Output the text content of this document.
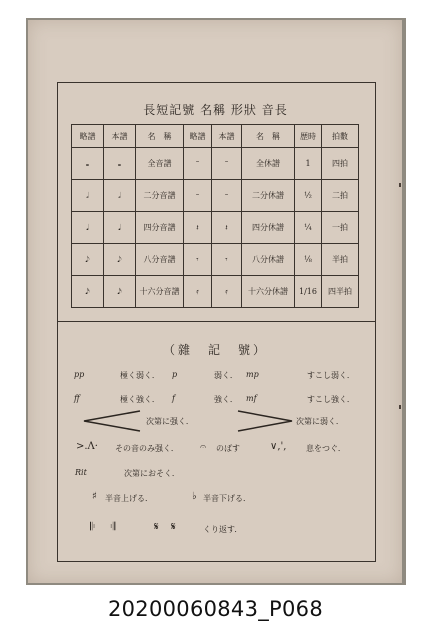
長短記號 名稱 形狀 音長
略譜	本譜	名　稱	略譜	本譜	名　稱	歴時	拍數
𝅝	𝅝	全音譜	𝄻	𝄻	全休譜	1	四拍
𝅗𝅥	𝅗𝅥	二分音譜	𝄼	𝄼	二分休譜	½	二拍
𝅘𝅥	𝅘𝅥	四分音譜	𝄽	𝄽	四分休譜	¼	一拍
𝅘𝅥𝅮	𝅘𝅥𝅮	八分音譜	𝄾	𝄾	八分休譜	⅛	半拍
𝅘𝅥𝅯	𝅘𝅥𝅯	十六分音譜	𝄿	𝄿	十六分休譜	1/16	四半拍
（雜　記　號）
pp	極く弱く． p	弱く． mp	すこし弱く．
ff	極く強く． f	強く． mf	すこし強く．
次第に强く．	次第に弱く．
>.Λ· その音のみ强く． 𝄐 のばす	∨,', 息をつぐ．
Rit	次第におそく．
♯ 半音上げる．	♭ 半音下げる．
𝄆 𝄇	𝄋 𝄋	くり返す．
20200060843_P068
